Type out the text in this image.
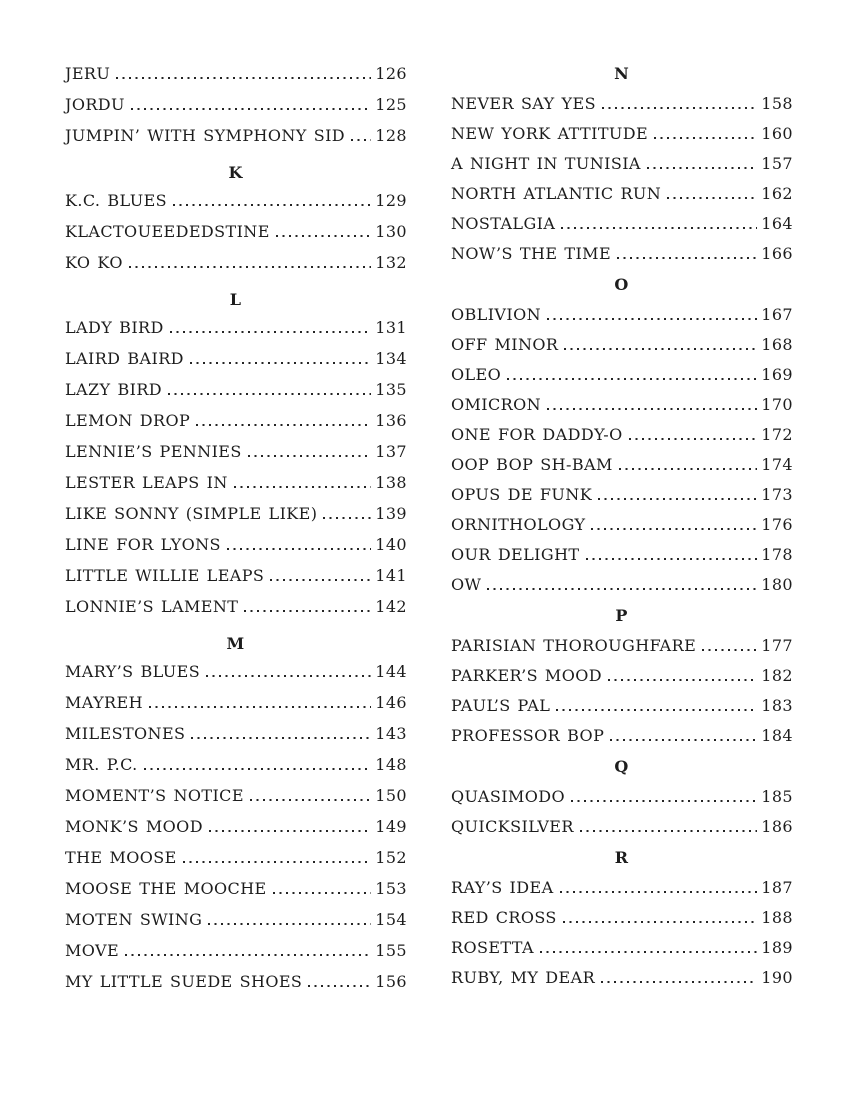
JERU	126
JORDU	125
JUMPIN’ WITH SYMPHONY SID 128
K
K.C. BLUES	129
KLACTOUEEDEDSTINE	130
KO KO	132
L
LADY BIRD	131
LAIRD BAIRD	134
LAZY BIRD	135
LEMON DROP	136
LENNIE’S PENNIES	137
LESTER LEAPS IN	138
LIKE SONNY (SIMPLE LIKE)	139
LINE FOR LYONS	140
LITTLE WILLIE LEAPS	141
LONNIE’S LAMENT	142
M
MARY’S BLUES	144
MAYREH	146
MILESTONES	143
MR. P.C.	148
MOMENT’S NOTICE	150
MONK’S MOOD	149
THE MOOSE	152
MOOSE THE MOOCHE	153
MOTEN SWING	154
MOVE	155
MY LITTLE SUEDE SHOES	156
N
NEVER SAY YES	158
NEW YORK ATTITUDE	160
A NIGHT IN TUNISIA	157
NORTH ATLANTIC RUN	162
NOSTALGIA	164
NOW’S THE TIME	166
O
OBLIVION	167
OFF MINOR	168
OLEO	169
OMICRON	170
ONE FOR DADDY-O	172
OOP BOP SH-BAM	174
OPUS DE FUNK	173
ORNITHOLOGY	176
OUR DELIGHT	178
OW	180
P
PARISIAN THOROUGHFARE	177
PARKER’S MOOD	182
PAUL’S PAL	183
PROFESSOR BOP	184
Q
QUASIMODO	185
QUICKSILVER	186
R
RAY’S IDEA	187
RED CROSS	188
ROSETTA	189
RUBY, MY DEAR	190
